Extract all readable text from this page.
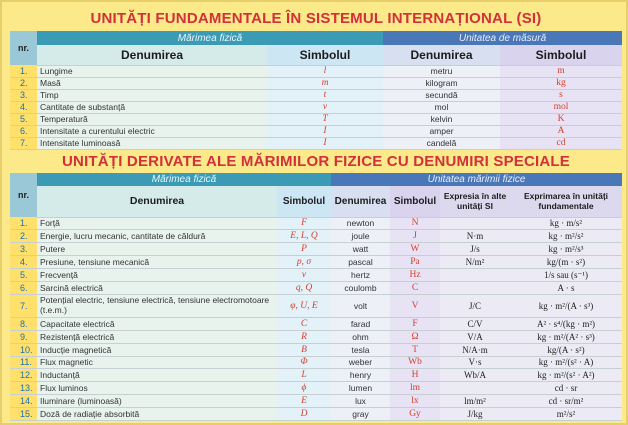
UNITĂȚI FUNDAMENTALE ÎN SISTEMUL INTERNAȚIONAL (SI)
nr.	Mărimea fizică		Unitatea de măsură	
	Denumirea	Simbolul	Denumirea	Simbolul
1.	Lungime	l	metru	m
2.	Masă	m	kilogram	kg
3.	Timp	t	secundă	s
4.	Cantitate de substanță	ν	mol	mol
5.	Temperatură	T	kelvin	K
6.	Intensitate a curentului electric	I	amper	A
7.	Intensitate luminoasă	I	candelă	cd
UNITĂȚI DERIVATE ALE MĂRIMILOR FIZICE CU DENUMIRI SPECIALE
nr.	Mărimea fizică		Unitatea mărimii fizice			
	Denumirea	Simbolul	Denumirea	Simbolul	Expresia în alte unități SI	Exprimarea în unități fundamentale
1.	Forță	F	newton	N		kg · m/s²
2.	Energie, lucru mecanic, cantitate de căldură	E, L, Q	joule	J	N·m	kg · m²/s²
3.	Putere	P	watt	W	J/s	kg · m²/s³
4.	Presiune, tensiune mecanică	p, σ	pascal	Pa	N/m²	kg/(m · s²)
5.	Frecvență	ν	hertz	Hz		1/s sau (s⁻¹)
6.	Sarcină electrică	q, Q	coulomb	C		A · s
7.	Potențial electric, tensiune electrică, tensiune electromotoare (t.e.m.)	φ, U, E	volt	V	J/C	kg · m²/(A · s³)
8.	Capacitate electrică	C	farad	F	C/V	A² · s⁴/(kg · m²)
9.	Rezistență electrică	R	ohm	Ω	V/A	kg · m²/(A² · s³)
10.	Inducție magnetică	B	tesla	T	N/A·m	kg/(A · s²)
11.	Flux magnetic	Φ	weber	Wb	V·s	kg · m²/(s² · A)
12.	Inductanță	L	henry	H	Wb/A	kg · m²/(s² · A²)
13.	Flux luminos	ϕ	lumen	lm		cd · sr
14.	Iluminare (luminoasă)	E	lux	lx	lm/m²	cd · sr/m²
15.	Doză de radiație absorbită	D	gray	Gy	J/kg	m²/s²
